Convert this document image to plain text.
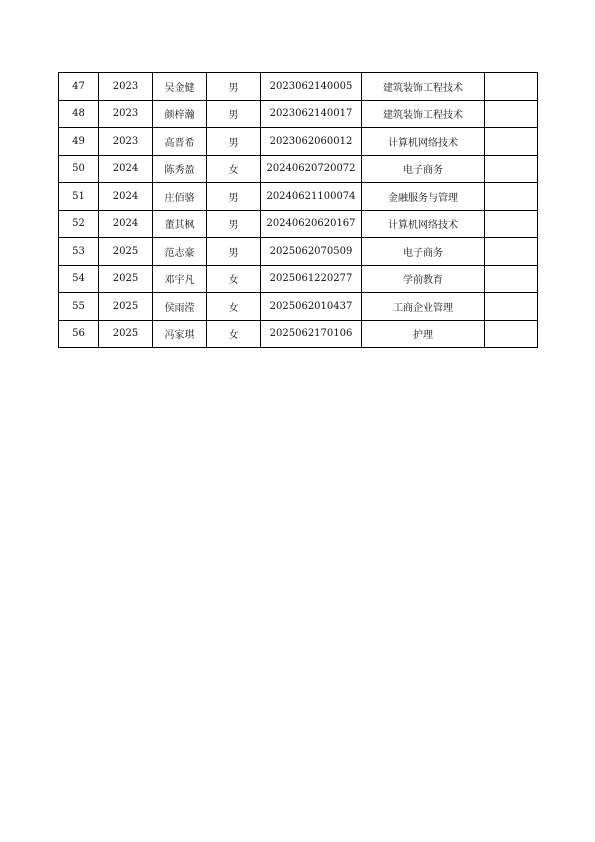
47	2023	吴金健	男	2023062140005	建筑装饰工程技术	
48	2023	颜梓瀚	男	2023062140017	建筑装饰工程技术	
49	2023	高晋希	男	2023062060012	计算机网络技术	
50	2024	陈秀盈	女	20240620720072	电子商务	
51	2024	庄佰骆	男	20240621100074	金融服务与管理	
52	2024	董其枫	男	20240620620167	计算机网络技术	
53	2025	范志豪	男	2025062070509	电子商务	
54	2025	邓宇凡	女	2025061220277	学前教育	
55	2025	侯雨滢	女	2025062010437	工商企业管理	
56	2025	冯家琪	女	2025062170106	护理	
